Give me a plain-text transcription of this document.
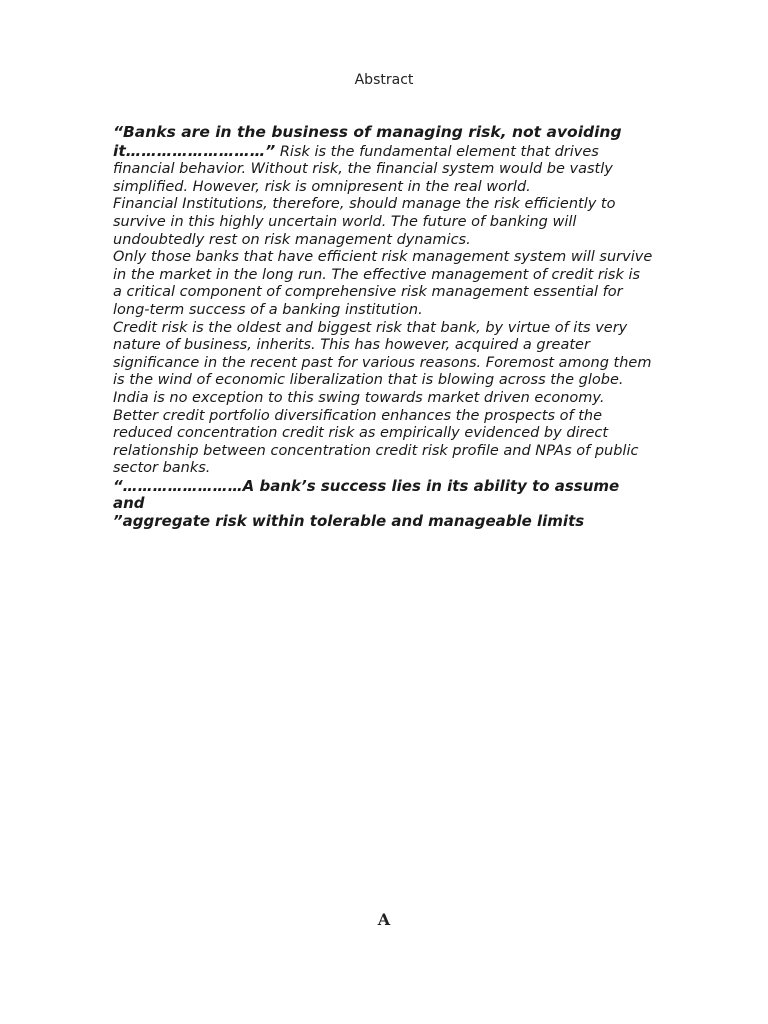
Abstract

“Banks are in the business of managing risk, not avoiding it………………………” Risk is the fundamental element that drives financial behavior. Without risk, the financial system would be vastly simplified. However, risk is omnipresent in the real world.

Financial Institutions, therefore, should manage the risk efficiently to survive in this highly uncertain world. The future of banking will undoubtedly rest on risk management dynamics.

Only those banks that have efficient risk management system will survive in the market in the long run. The effective management of credit risk is a critical component of comprehensive risk management essential for long-term success of a banking institution.

Credit risk is the oldest and biggest risk that bank, by virtue of its very nature of business, inherits. This has however, acquired a greater significance in the recent past for various reasons. Foremost among them is the wind of economic liberalization that is blowing across the globe. India is no exception to this swing towards market driven economy.

Better credit portfolio diversification enhances the prospects of the reduced concentration credit risk as empirically evidenced by direct relationship between concentration credit risk profile and NPAs of public sector banks.

“……………………A bank’s success lies in its ability to assume and

”aggregate risk within tolerable and manageable limits

A
